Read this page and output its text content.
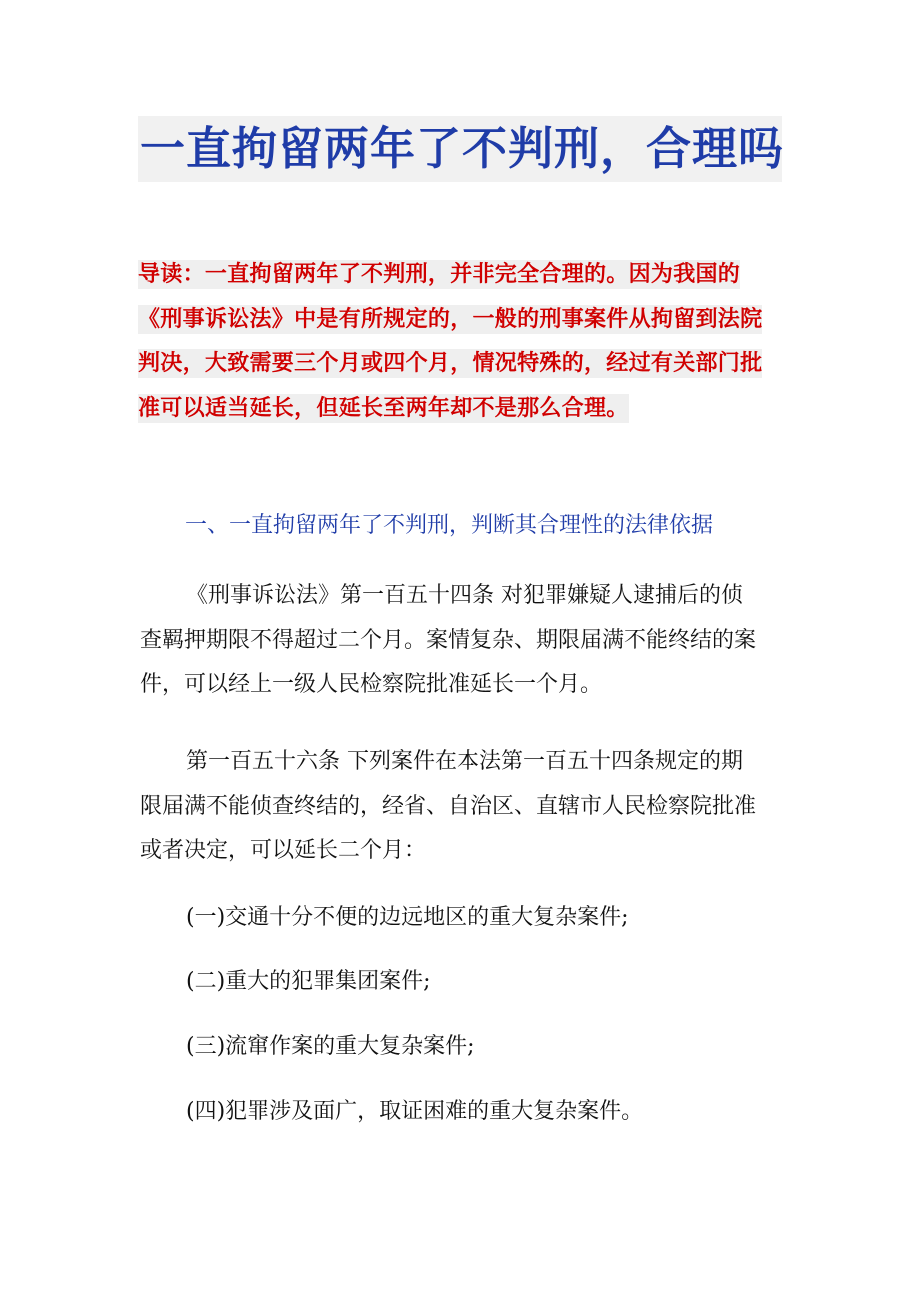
一直拘留两年了不判刑，合理吗
导读：一直拘留两年了不判刑，并非完全合理的。因为我国的
《刑事诉讼法》中是有所规定的，一般的刑事案件从拘留到法院
判决，大致需要三个月或四个月，情况特殊的，经过有关部门批
准可以适当延长，但延长至两年却不是那么合理。
一、一直拘留两年了不判刑，判断其合理性的法律依据
《刑事诉讼法》第一百五十四条 对犯罪嫌疑人逮捕后的侦
查羁押期限不得超过二个月。案情复杂、期限届满不能终结的案
件，可以经上一级人民检察院批准延长一个月。
第一百五十六条 下列案件在本法第一百五十四条规定的期
限届满不能侦查终结的，经省、自治区、直辖市人民检察院批准
或者决定，可以延长二个月：
(一)交通十分不便的边远地区的重大复杂案件;
(二)重大的犯罪集团案件;
(三)流窜作案的重大复杂案件;
(四)犯罪涉及面广，取证困难的重大复杂案件。
